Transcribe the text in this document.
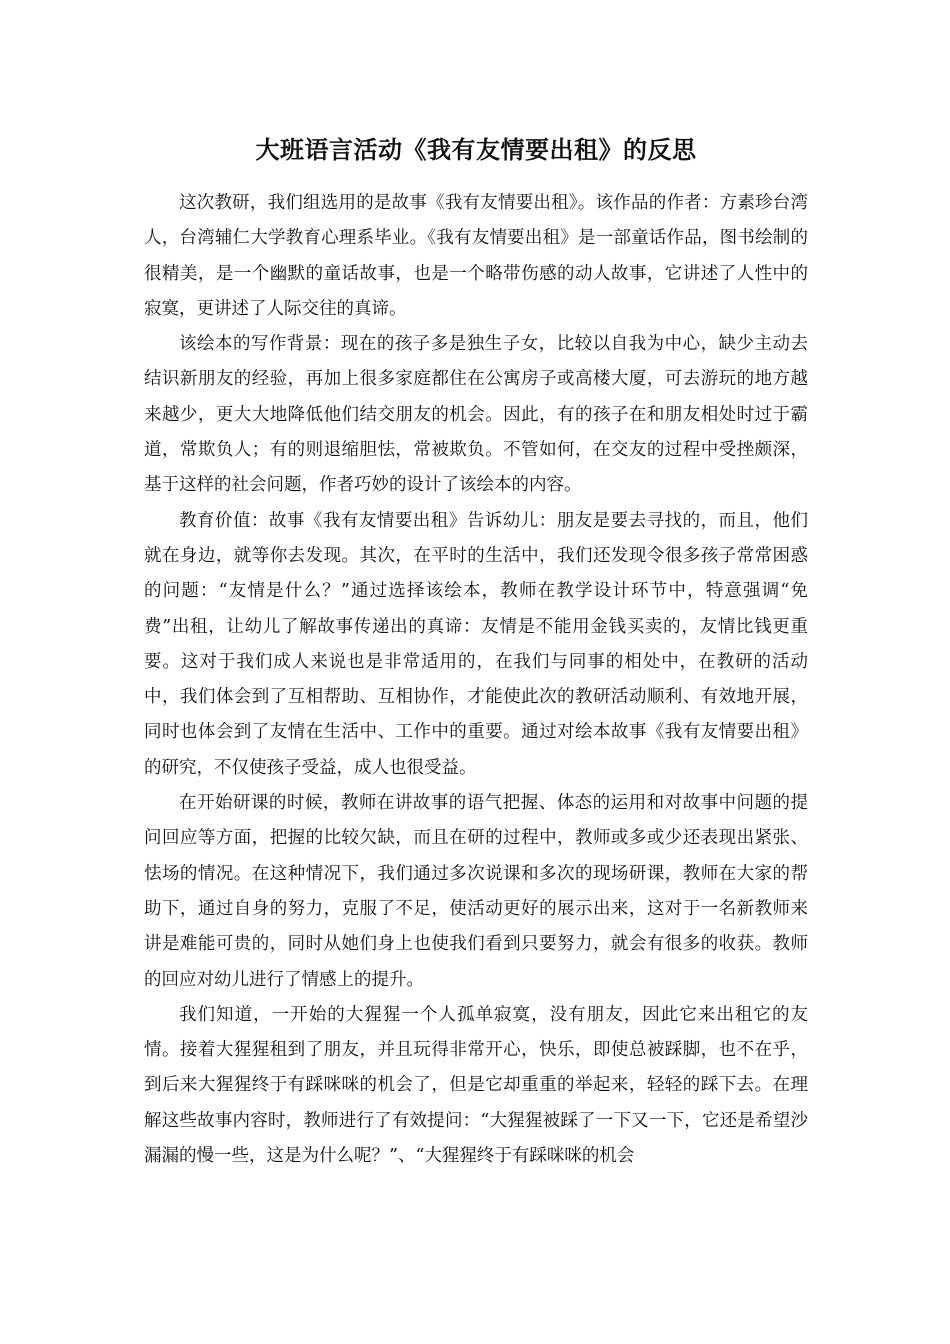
大班语言活动《我有友情要出租》的反思

这次教研，我们组选用的是故事《我有友情要出租》。该作品的作者：方素珍台湾人，台湾辅仁大学教育心理系毕业。《我有友情要出租》是一部童话作品，图书绘制的很精美，是一个幽默的童话故事，也是一个略带伤感的动人故事，它讲述了人性中的寂寞，更讲述了人际交往的真谛。

该绘本的写作背景：现在的孩子多是独生子女，比较以自我为中心，缺少主动去结识新朋友的经验，再加上很多家庭都住在公寓房子或高楼大厦，可去游玩的地方越来越少，更大大地降低他们结交朋友的机会。因此，有的孩子在和朋友相处时过于霸道，常欺负人；有的则退缩胆怯，常被欺负。不管如何，在交友的过程中受挫颇深，基于这样的社会问题，作者巧妙的设计了该绘本的内容。

教育价值：故事《我有友情要出租》告诉幼儿：朋友是要去寻找的，而且，他们就在身边，就等你去发现。其次，在平时的生活中，我们还发现令很多孩子常常困惑的问题：“友情是什么？”通过选择该绘本，教师在教学设计环节中，特意强调“免费”出租，让幼儿了解故事传递出的真谛：友情是不能用金钱买卖的，友情比钱更重要。这对于我们成人来说也是非常适用的，在我们与同事的相处中，在教研的活动中，我们体会到了互相帮助、互相协作，才能使此次的教研活动顺利、有效地开展，同时也体会到了友情在生活中、工作中的重要。通过对绘本故事《我有友情要出租》的研究，不仅使孩子受益，成人也很受益。

在开始研课的时候，教师在讲故事的语气把握、体态的运用和对故事中问题的提问回应等方面，把握的比较欠缺，而且在研的过程中，教师或多或少还表现出紧张、怯场的情况。在这种情况下，我们通过多次说课和多次的现场研课，教师在大家的帮助下，通过自身的努力，克服了不足，使活动更好的展示出来，这对于一名新教师来讲是难能可贵的，同时从她们身上也使我们看到只要努力，就会有很多的收获。教师的回应对幼儿进行了情感上的提升。

我们知道，一开始的大猩猩一个人孤单寂寞，没有朋友，因此它来出租它的友情。接着大猩猩租到了朋友，并且玩得非常开心，快乐，即使总被踩脚，也不在乎，到后来大猩猩终于有踩咪咪的机会了，但是它却重重的举起来，轻轻的踩下去。在理解这些故事内容时，教师进行了有效提问：“大猩猩被踩了一下又一下，它还是希望沙漏漏的慢一些，这是为什么呢？”、“大猩猩终于有踩咪咪的机会
